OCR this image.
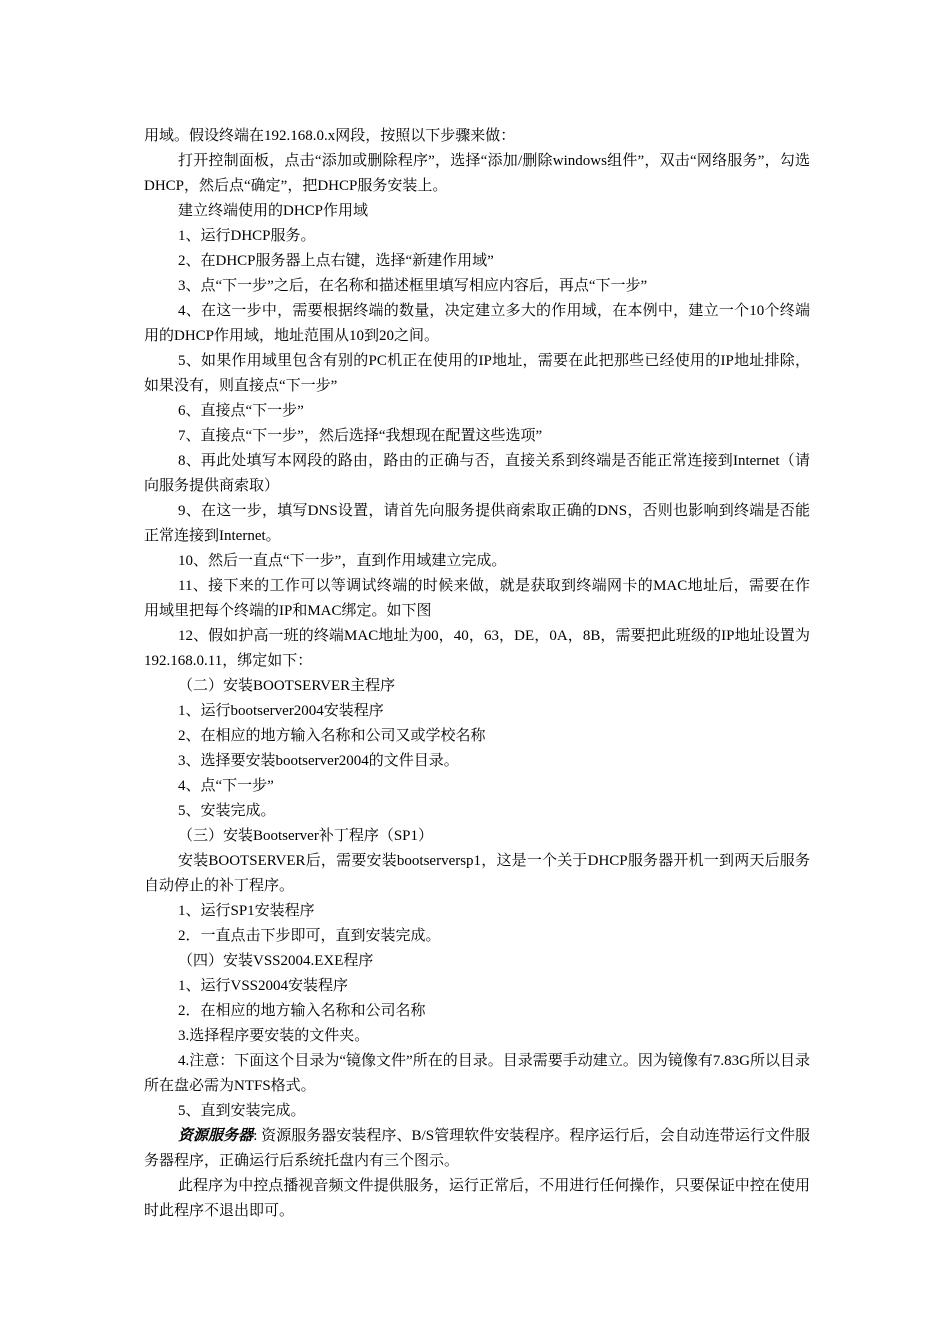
用域。假设终端在192.168.0.x网段，按照以下步骤来做：

打开控制面板，点击“添加或删除程序”，选择“添加/删除windows组件”，双击“网络服务”，勾选DHCP，然后点“确定”，把DHCP服务安装上。

建立终端使用的DHCP作用域

1、运行DHCP服务。

2、在DHCP服务器上点右键，选择“新建作用域”

3、点“下一步”之后，在名称和描述框里填写相应内容后，再点“下一步”

4、在这一步中，需要根据终端的数量，决定建立多大的作用域，在本例中，建立一个10个终端用的DHCP作用域，地址范围从10到20之间。

5、如果作用域里包含有别的PC机正在使用的IP地址，需要在此把那些已经使用的IP地址排除，如果没有，则直接点“下一步”

6、直接点“下一步”

7、直接点“下一步”，然后选择“我想现在配置这些选项”

8、再此处填写本网段的路由，路由的正确与否，直接关系到终端是否能正常连接到Internet（请向服务提供商索取）

9、在这一步，填写DNS设置，请首先向服务提供商索取正确的DNS，否则也影响到终端是否能正常连接到Internet。

10、然后一直点“下一步”，直到作用域建立完成。

11、接下来的工作可以等调试终端的时候来做，就是获取到终端网卡的MAC地址后，需要在作用域里把每个终端的IP和MAC绑定。如下图

12、假如护高一班的终端MAC地址为00，40，63，DE，0A，8B，需要把此班级的IP地址设置为192.168.0.11，绑定如下：

（二）安装BOOTSERVER主程序

1、运行bootserver2004安装程序

2、在相应的地方输入名称和公司又或学校名称

3、选择要安装bootserver2004的文件目录。

4、点“下一步”

5、安装完成。

（三）安装Bootserver补丁程序（SP1）

安装BOOTSERVER后，需要安装bootserversp1，这是一个关于DHCP服务器开机一到两天后服务自动停止的补丁程序。

1、运行SP1安装程序

2．一直点击下步即可，直到安装完成。

（四）安装VSS2004.EXE程序

1、运行VSS2004安装程序

2．在相应的地方输入名称和公司名称

3.选择程序要安装的文件夹。

4.注意：下面这个目录为“镜像文件”所在的目录。目录需要手动建立。因为镜像有7.83G所以目录所在盘必需为NTFS格式。

5、直到安装完成。

资源服务器: 资源服务器安装程序、B/S管理软件安装程序。程序运行后，会自动连带运行文件服务器程序，正确运行后系统托盘内有三个图示。

此程序为中控点播视音频文件提供服务，运行正常后，不用进行任何操作，只要保证中控在使用时此程序不退出即可。
